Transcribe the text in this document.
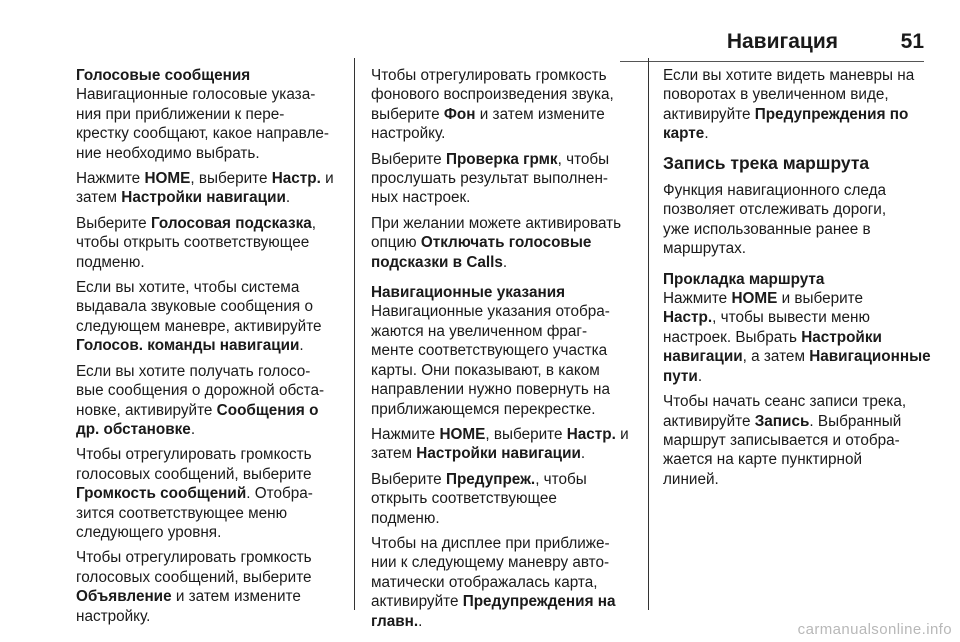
Навигация	51
Голосовые сообщения
Навигационные голосовые указа-
ния при приближении к пере-
крестку сообщают, какое направле-
ние необходимо выбрать.
Нажмите HOME, выберите Настр. и
затем Настройки навигации.
Выберите Голосовая подсказка,
чтобы открыть соответствующее
подменю.
Если вы хотите, чтобы система
выдавала звуковые сообщения о
следующем маневре, активируйте
Голосов. команды навигации.
Если вы хотите получать голосо-
вые сообщения о дорожной обста-
новке, активируйте Сообщения о
др. обстановке.
Чтобы отрегулировать громкость
голосовых сообщений, выберите
Громкость сообщений. Отобра-
зится соответствующее меню
следующего уровня.
Чтобы отрегулировать громкость
голосовых сообщений, выберите
Объявление и затем измените
настройку.
Чтобы отрегулировать громкость
фонового воспроизведения звука,
выберите Фон и затем измените
настройку.
Выберите Проверка грмк, чтобы
прослушать результат выполнен-
ных настроек.
При желании можете активировать
опцию Отключать голосовые
подсказки в Calls.
Навигационные указания
Навигационные указания отобра-
жаются на увеличенном фраг-
менте соответствующего участка
карты. Они показывают, в каком
направлении нужно повернуть на
приближающемся перекрестке.
Нажмите HOME, выберите Настр. и
затем Настройки навигации.
Выберите Предупреж., чтобы
открыть соответствующее
подменю.
Чтобы на дисплее при приближе-
нии к следующему маневру авто-
матически отображалась карта,
активируйте Предупреждения на
главн..
Если вы хотите видеть маневры на
поворотах в увеличенном виде,
активируйте Предупреждения по
карте.
Запись трека маршрута
Функция навигационного следа
позволяет отслеживать дороги,
уже использованные ранее в
маршрутах.
Прокладка маршрута
Нажмите HOME и выберите
Настр., чтобы вывести меню
настроек. Выбрать Настройки
навигации, а затем Навигационные
пути.
Чтобы начать сеанс записи трека,
активируйте Запись. Выбранный
маршрут записывается и отобра-
жается на карте пунктирной
линией.
carmanualsonline.info
